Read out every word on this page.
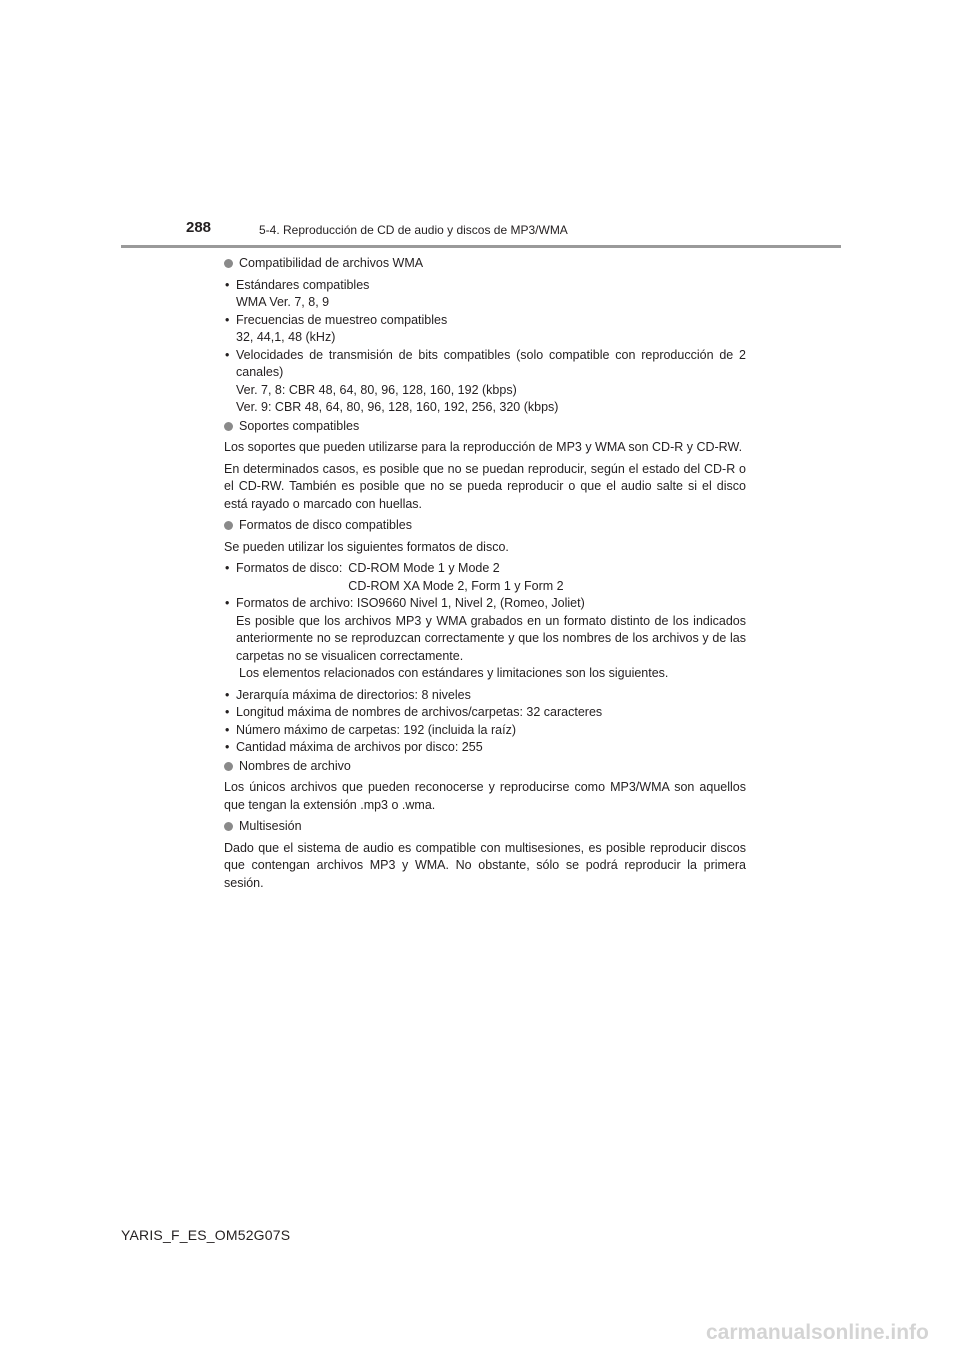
288	5-4. Reproducción de CD de audio y discos de MP3/WMA
Compatibilidad de archivos WMA
• Estándares compatibles
WMA Ver. 7, 8, 9
• Frecuencias de muestreo compatibles
32, 44,1, 48 (kHz)
• Velocidades de transmisión de bits compatibles (solo compatible con reproducción de 2 canales)
Ver. 7, 8: CBR 48, 64, 80, 96, 128, 160, 192 (kbps)
Ver. 9: CBR 48, 64, 80, 96, 128, 160, 192, 256, 320 (kbps)
Soportes compatibles

Los soportes que pueden utilizarse para la reproducción de MP3 y WMA son CD-R y CD-RW.

En determinados casos, es posible que no se puedan reproducir, según el estado del CD-R o el CD-RW. También es posible que no se pueda reproducir o que el audio salte si el disco está rayado o marcado con huellas.

Formatos de disco compatibles

Se pueden utilizar los siguientes formatos de disco.

• Formatos de disco: CD-ROM Mode 1 y Mode 2
CD-ROM XA Mode 2, Form 1 y Form 2
• Formatos de archivo: ISO9660 Nivel 1, Nivel 2, (Romeo, Joliet)
Es posible que los archivos MP3 y WMA grabados en un formato distinto de los indicados anteriormente no se reproduzcan correctamente y que los nombres de los archivos y de las carpetas no se visualicen correctamente.
Los elementos relacionados con estándares y limitaciones son los siguientes.
• Jerarquía máxima de directorios: 8 niveles
• Longitud máxima de nombres de archivos/carpetas: 32 caracteres
• Número máximo de carpetas: 192 (incluida la raíz)
• Cantidad máxima de archivos por disco: 255
Nombres de archivo

Los únicos archivos que pueden reconocerse y reproducirse como MP3/WMA son aquellos que tengan la extensión .mp3 o .wma.

Multisesión

Dado que el sistema de audio es compatible con multisesiones, es posible reproducir discos que contengan archivos MP3 y WMA. No obstante, sólo se podrá reproducir la primera sesión.

YARIS_F_ES_OM52G07S
carmanualsonline.info
